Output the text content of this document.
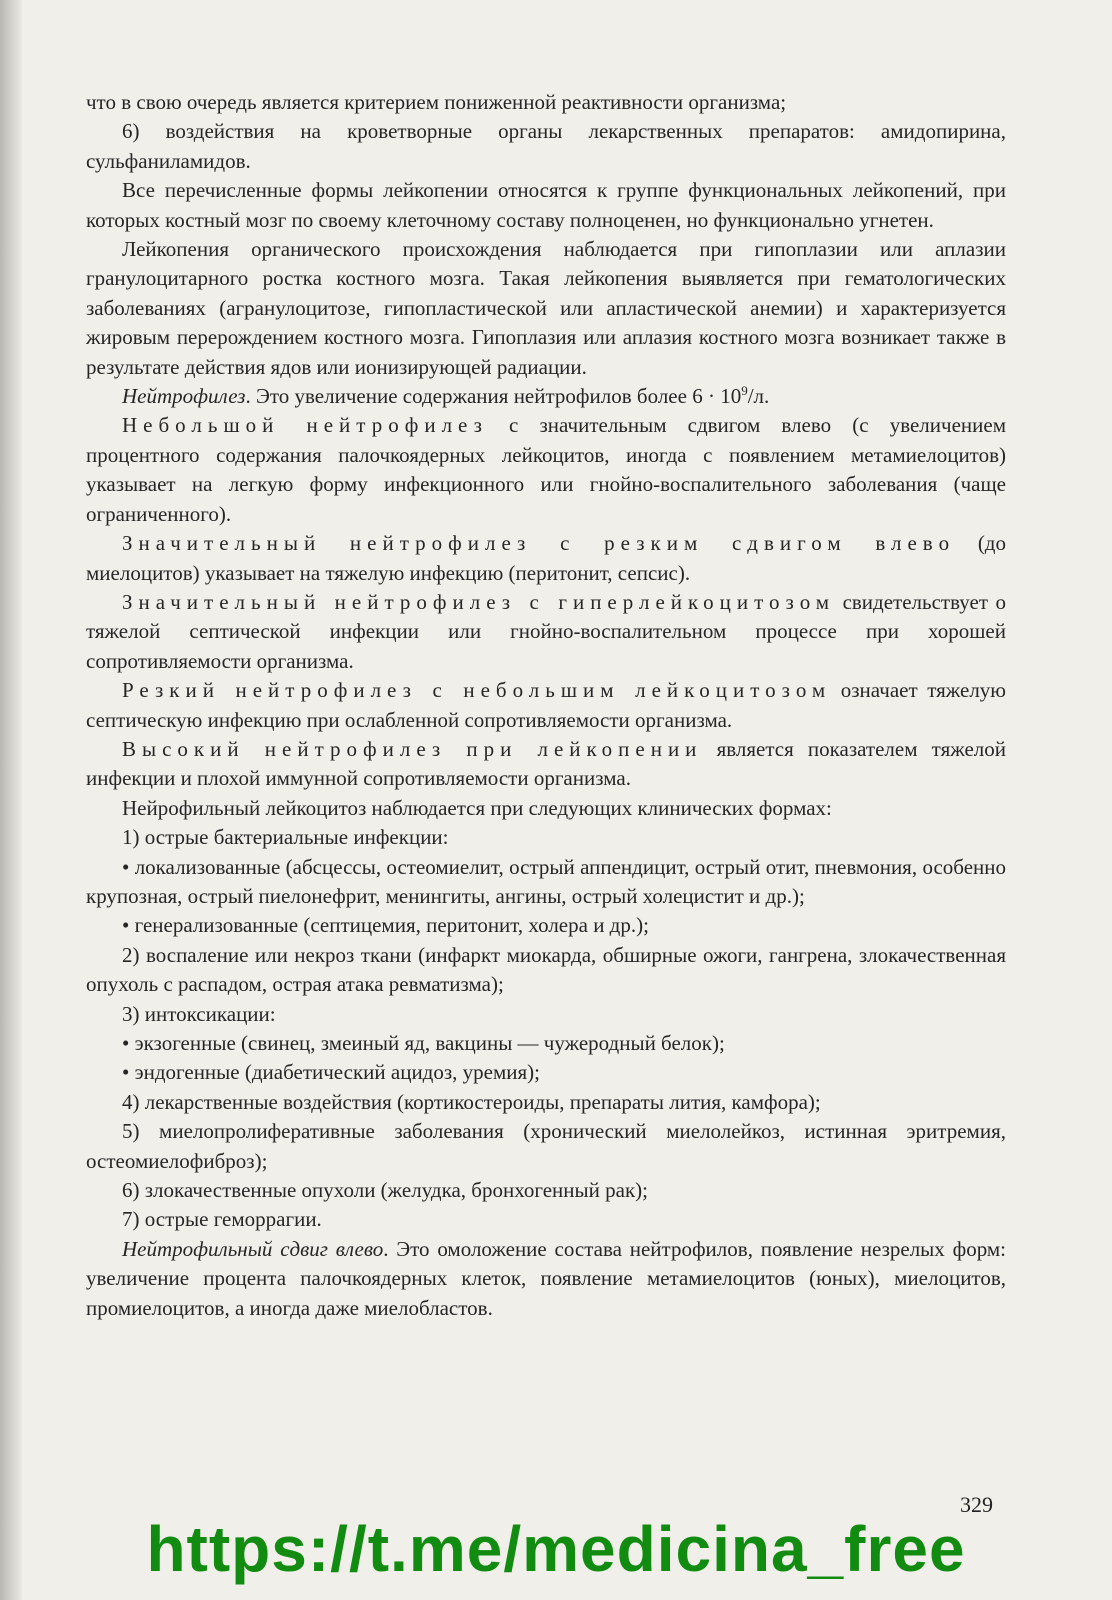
что в свою очередь является критерием пониженной реактивности организма;

6) воздействия на кроветворные органы лекарственных препаратов: амидопирина, сульфаниламидов.

Все перечисленные формы лейкопении относятся к группе функциональных лейкопений, при которых костный мозг по своему клеточному составу полноценен, но функционально угнетен.

Лейкопения органического происхождения наблюдается при гипоплазии или аплазии гранулоцитарного ростка костного мозга. Такая лейкопения выявляется при гематологических заболеваниях (агранулоцитозе, гипопластической или апластической анемии) и характеризуется жировым перерождением костного мозга. Гипоплазия или аплазия костного мозга возникает также в результате действия ядов или ионизирующей радиации.

Нейтрофилез. Это увеличение содержания нейтрофилов более $6 \cdot 10^9/л$.

Небольшой нейтрофилез с значительным сдвигом влево (с увеличением процентного содержания палочкоядерных лейкоцитов, иногда с появлением метамиелоцитов) указывает на легкую форму инфекционного или гнойно-воспалительного заболевания (чаще ограниченного).

Значительный нейтрофилез с резким сдвигом влево (до миелоцитов) указывает на тяжелую инфекцию (перитонит, сепсис).

Значительный нейтрофилез с гиперлейкоцитозом свидетельствует о тяжелой септической инфекции или гнойно-воспалительном процессе при хорошей сопротивляемости организма.

Резкий нейтрофилез с небольшим лейкоцитозом означает тяжелую септическую инфекцию при ослабленной сопротивляемости организма.

Высокий нейтрофилез при лейкопении является показателем тяжелой инфекции и плохой иммунной сопротивляемости организма.

Нейрофильный лейкоцитоз наблюдается при следующих клинических формах:

1) острые бактериальные инфекции:

• локализованные (абсцессы, остеомиелит, острый аппендицит, острый отит, пневмония, особенно крупозная, острый пиелонефрит, менингиты, ангины, острый холецистит и др.);

• генерализованные (септицемия, перитонит, холера и др.);

2) воспаление или некроз ткани (инфаркт миокарда, обширные ожоги, гангрена, злокачественная опухоль с распадом, острая атака ревматизма);

3) интоксикации:

• экзогенные (свинец, змеиный яд, вакцины — чужеродный белок);

• эндогенные (диабетический ацидоз, уремия);

4) лекарственные воздействия (кортикостероиды, препараты лития, камфора);

5) миелопролиферативные заболевания (хронический миелолейкоз, истинная эритремия, остеомиелофиброз);

6) злокачественные опухоли (желудка, бронхогенный рак);

7) острые геморрагии.

Нейтрофильный сдвиг влево. Это омоложение состава нейтрофилов, появление незрелых форм: увеличение процента палочкоядерных клеток, появление метамиелоцитов (юных), миелоцитов, промиелоцитов, а иногда даже миелобластов.

329
https://t.me/medicina_free
